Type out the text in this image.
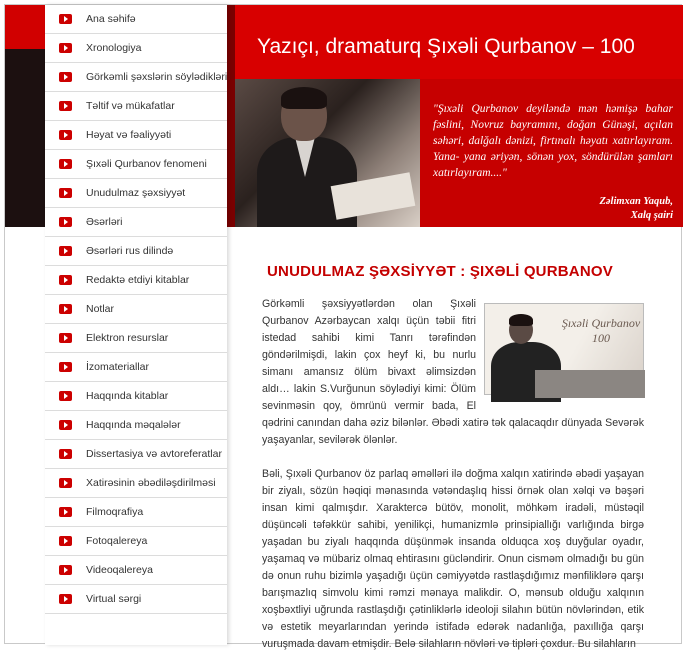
Ana səhifə
Xronologiya
Görkəmli şəxslərin söylədikləri
Təltif və mükafatlar
Həyat və fəaliyyəti
Şıxəli Qurbanov fenomeni
Unudulmaz şəxsiyyət
Əsərləri
Əsərləri rus dilində
Redaktə etdiyi kitablar
Notlar
Elektron resurslar
İzomateriallar
Haqqında kitablar
Haqqında məqalələr
Dissertasiya və avtoreferatlar
Xatirəsinin əbədiləşdirilməsi
Filmoqrafiya
Fotoqalereya
Videoqalereya
Virtual sərgi
Yazıçı, dramaturq Şıxəli Qurbanov – 100
"Şıxəli Qurbanov deyiləndə mən həmişə bahar fəslini, Novruz bayramını, doğan Günəşi, açılan səhəri, dalğalı dənizi, firtınalı həyatı xatırlayıram. Yana- yana əriyən, sönən yox, söndürülən şamları xatırlayıram...."
Zəlimxan Yaqub,
Xalq şairi
UNUDULMAZ ŞƏXSİYYƏT : ŞIXƏLİ QURBANOV
Şıxəli Qurbanov 100

Görkəmli şəxsiyyətlərdən olan Şıxəli Qurbanov Azərbaycan xalqı üçün təbii fitri istedad sahibi kimi Tanrı tərəfindən göndərilmişdi, lakin çox heyf ki, bu nurlu simanı amansız ölüm bivaxt əlimsizdən aldı… lakin S.Vurğunun söylədiyi kimi: Ölüm sevinməsin qoy, ömrünü vermir bada, El qədrini canından daha əziz bilənlər. Əbədi xatirə tək qalacaqdır dünyada Sevərək yaşayanlar, sevilərək ölənlər.

Bəli, Şıxəli Qurbanov öz parlaq əməlləri ilə doğma xalqın xatirində əbədi yaşayan bir ziyalı, sözün həqiqi mənasında vətəndaşlıq hissi örnək olan xəlqi və bəşəri insan kimi qalmışdır. Xaraktercə bütöv, monolit, möhkəm iradəli, müstəqil düşüncəli təfəkkür sahibi, yenilikçi, humanizmlə prinsipiallığı varlığında birgə yaşadan bu ziyalı haqqında düşünmək insanda olduqca xoş duyğular oyadır, yaşamaq və mübariz olmaq ehtirasını gücləndirir. Onun cisməm olmadığı bu gün də onun ruhu bizimlə yaşadığı üçün cəmiyyətdə rastlaşdığımız mənfiliklərə qarşı barışmazlıq simvolu kimi rəmzi mənaya malikdir. O, mənsub olduğu xalqının xoşbəxtliyi uğrunda rastlaşdığı çətinliklərlə ideoloji silahın bütün növlərindən, etik və estetik meyarlarından yerində istifadə edərək nadanlığa, paxıllığa qarşı vuruşmada davam etmişdir. Belə silahların növləri və tipləri çoxdur. Bu silahların
